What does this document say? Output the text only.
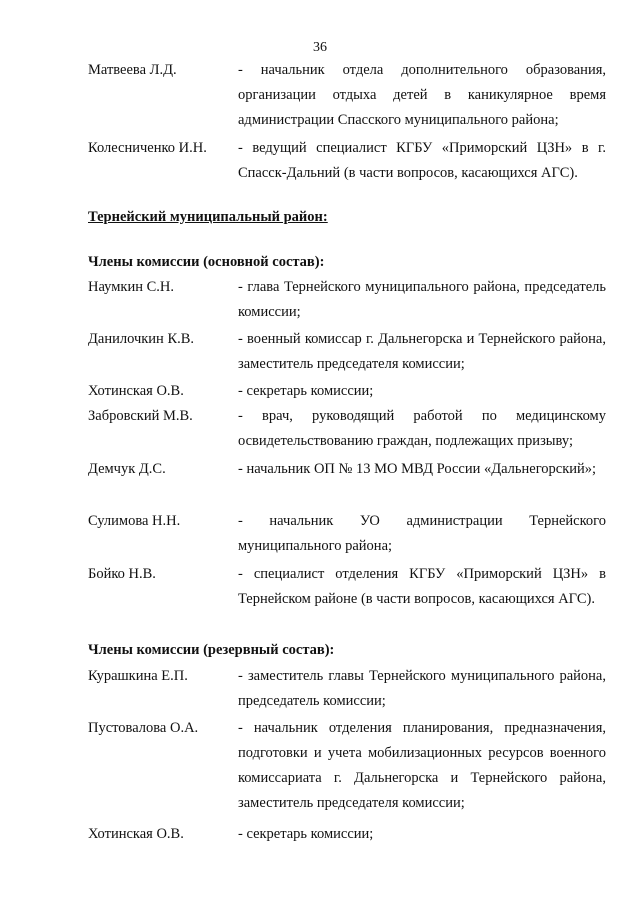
36
Матвеева Л.Д.	- начальник отдела дополнительного образования, организации отдыха детей в каникулярное время администрации Спасского муниципального района;
Колесниченко И.Н.	- ведущий специалист КГБУ «Приморский ЦЗН» в г. Спасск-Дальний (в части вопросов, касающихся АГС).
Тернейский муниципальный район:
Члены комиссии (основной состав):
Наумкин С.Н.	- глава Тернейского муниципального района, председатель комиссии;
Данилочкин К.В.	- военный комиссар г. Дальнегорска и Тернейского района, заместитель председателя комиссии;
Хотинская О.В.	- секретарь комиссии;
Забровский М.В.	- врач, руководящий работой по медицинскому освидетельствованию граждан, подлежащих призыву;
Демчук Д.С.	- начальник ОП № 13 МО МВД России «Дальнегорский»;
Сулимова Н.Н.	- начальник УО администрации Тернейского муниципального района;
Бойко Н.В.	- специалист отделения КГБУ «Приморский ЦЗН» в Тернейском районе (в части вопросов, касающихся АГС).
Члены комиссии (резервный состав):
Курашкина Е.П.	- заместитель главы Тернейского муниципального района, председатель комиссии;
Пустовалова О.А.	- начальник отделения планирования, предназначения, подготовки и учета мобилизационных ресурсов военного комиссариата г. Дальнегорска и Тернейского района, заместитель председателя комиссии;
Хотинская О.В.	- секретарь комиссии;
